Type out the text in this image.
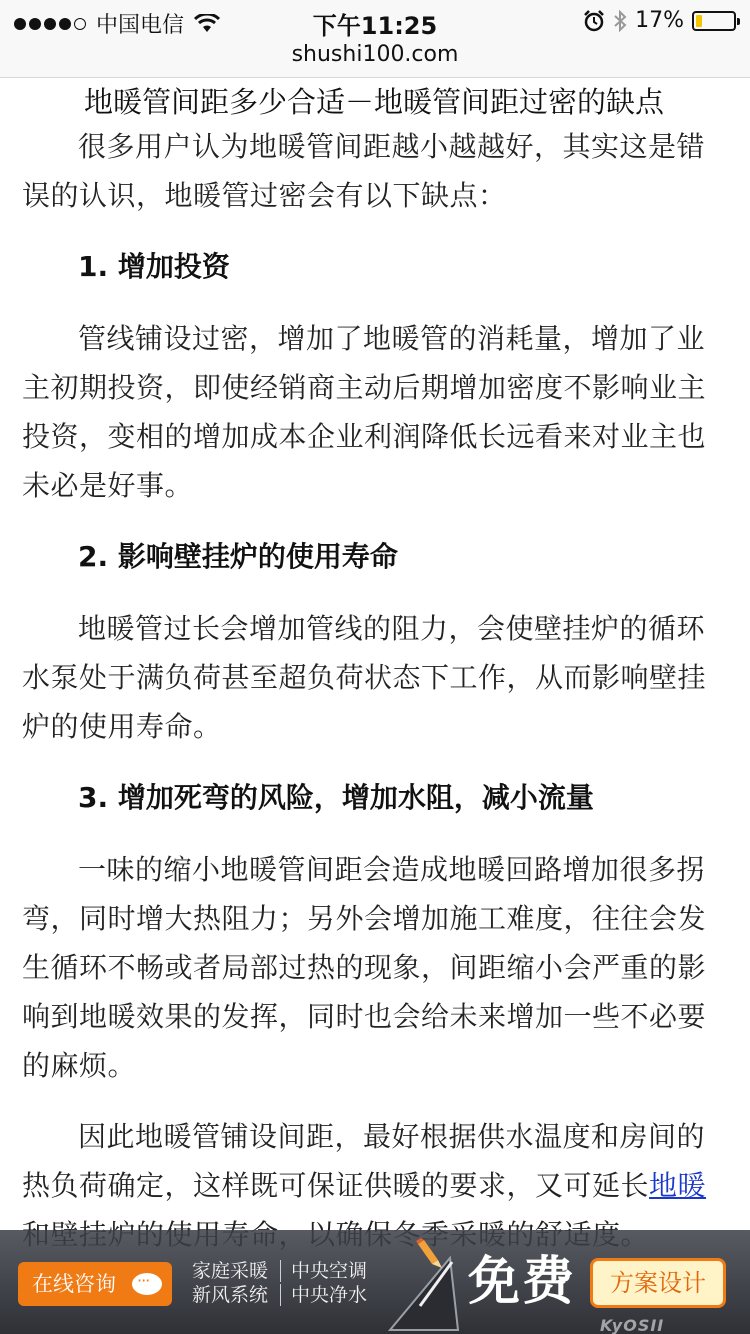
中国电信	下午11:25	17%
shushi100.com
地暖管间距多少合适－地暖管间距过密的缺点

很多用户认为地暖管间距越小越越好，其实这是错误的认识，地暖管过密会有以下缺点：

1. 增加投资

管线铺设过密，增加了地暖管的消耗量，增加了业主初期投资，即使经销商主动后期增加密度不影响业主投资，变相的增加成本企业利润降低长远看来对业主也未必是好事。

2. 影响壁挂炉的使用寿命

地暖管过长会增加管线的阻力，会使壁挂炉的循环水泵处于满负荷甚至超负荷状态下工作，从而影响壁挂炉的使用寿命。

3. 增加死弯的风险，增加水阻，减小流量

一味的缩小地暖管间距会造成地暖回路增加很多拐弯，同时增大热阻力；另外会增加施工难度，往往会发生循环不畅或者局部过热的现象，间距缩小会严重的影响到地暖效果的发挥，同时也会给未来增加一些不必要的麻烦。

因此地暖管铺设间距，最好根据供水温度和房间的热负荷确定，这样既可保证供暖的要求，又可延长地暖

在线咨询
···
家庭采暖	中央空调
新风系统	中央净水 免费	方案设计
KyOSII
